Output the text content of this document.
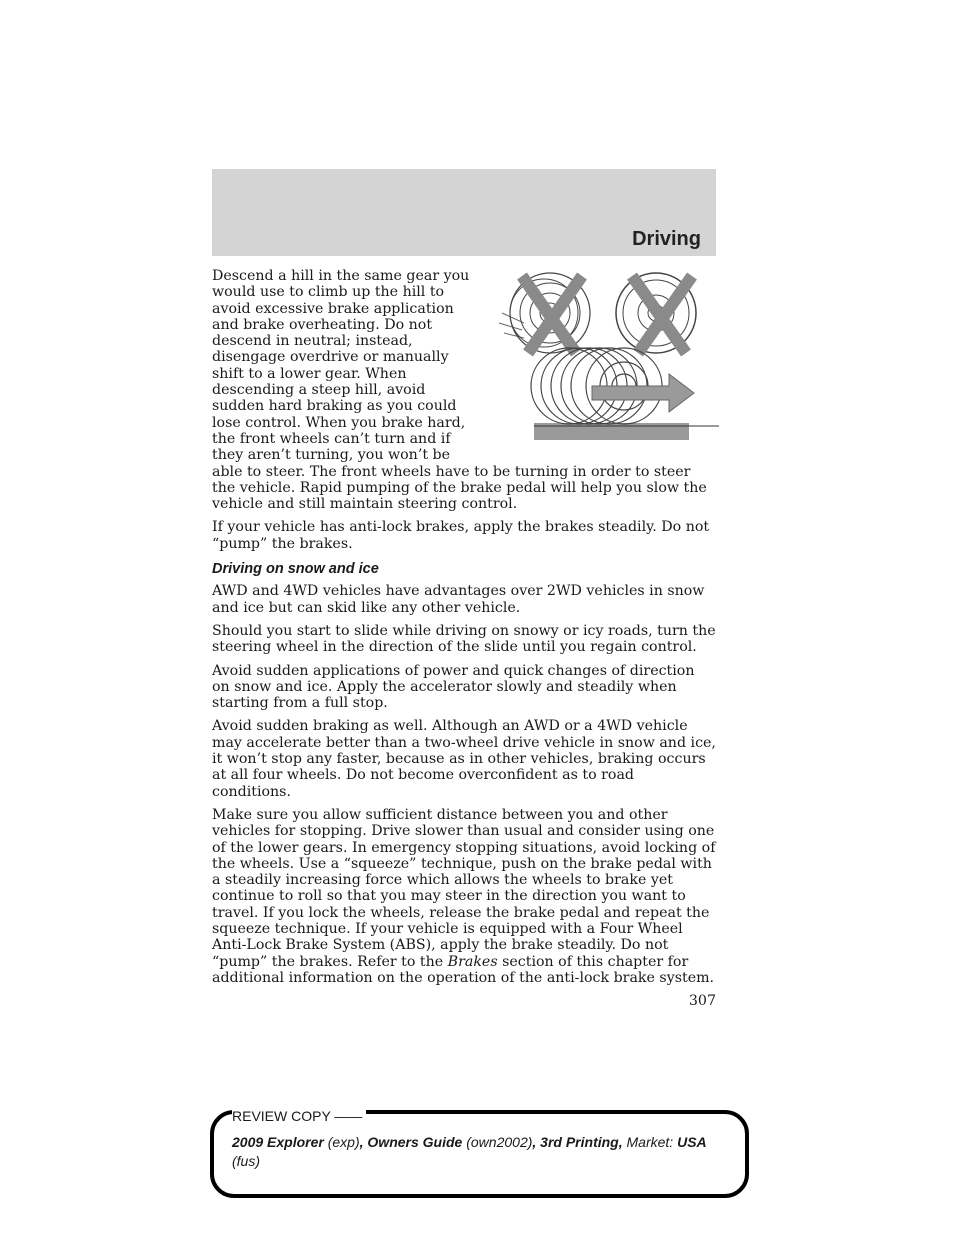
Driving

Descend a hill in the same gear you would use to climb up the hill to avoid excessive brake application and brake overheating. Do not descend in neutral; instead, disengage overdrive or manually shift to a lower gear. When descending a steep hill, avoid sudden hard braking as you could lose control. When you brake hard, the front wheels can’t turn and if they aren’t turning, you won’t be able to steer. The front wheels have to be turning in order to steer the vehicle. Rapid pumping of the brake pedal will help you slow the vehicle and still maintain steering control.

If your vehicle has anti-lock brakes, apply the brakes steadily. Do not “pump” the brakes.

Driving on snow and ice

AWD and 4WD vehicles have advantages over 2WD vehicles in snow and ice but can skid like any other vehicle.

Should you start to slide while driving on snowy or icy roads, turn the steering wheel in the direction of the slide until you regain control.

Avoid sudden applications of power and quick changes of direction on snow and ice. Apply the accelerator slowly and steadily when starting from a full stop.

Avoid sudden braking as well. Although an AWD or a 4WD vehicle may accelerate better than a two-wheel drive vehicle in snow and ice, it won’t stop any faster, because as in other vehicles, braking occurs at all four wheels. Do not become overconfident as to road conditions.

Make sure you allow sufficient distance between you and other vehicles for stopping. Drive slower than usual and consider using one of the lower gears. In emergency stopping situations, avoid locking of the wheels. Use a “squeeze” technique, push on the brake pedal with a steadily increasing force which allows the wheels to brake yet continue to roll so that you may steer in the direction you want to travel. If you lock the wheels, release the brake pedal and repeat the squeeze technique. If your vehicle is equipped with a Four Wheel Anti-Lock Brake System (ABS), apply the brake steadily. Do not “pump” the brakes. Refer to the Brakes section of this chapter for additional information on the operation of the anti-lock brake system.

307
REVIEW COPY ——
2009 Explorer (exp), Owners Guide (own2002), 3rd Printing, Market: USA
(fus)
